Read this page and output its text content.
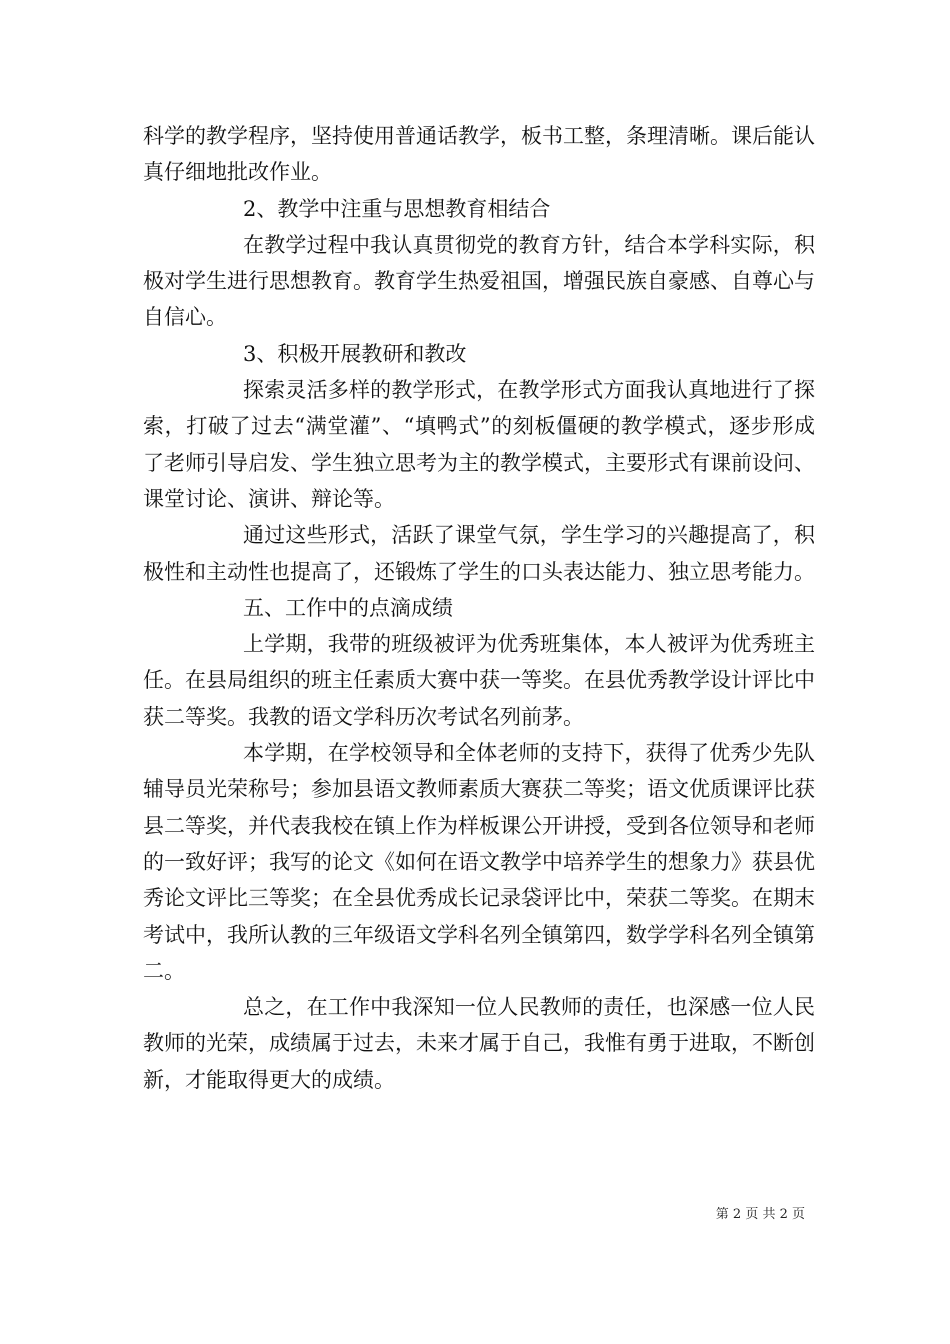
科学的教学程序，坚持使用普通话教学，板书工整，条理清晰。课后能认真仔细地批改作业。

2、教学中注重与思想教育相结合

在教学过程中我认真贯彻党的教育方针，结合本学科实际，积极对学生进行思想教育。教育学生热爱祖国，增强民族自豪感、自尊心与自信心。

3、积极开展教研和教改

探索灵活多样的教学形式，在教学形式方面我认真地进行了探索，打破了过去“满堂灌”、“填鸭式”的刻板僵硬的教学模式，逐步形成了老师引导启发、学生独立思考为主的教学模式，主要形式有课前设问、课堂讨论、演讲、辩论等。

通过这些形式，活跃了课堂气氛，学生学习的兴趣提高了，积极性和主动性也提高了，还锻炼了学生的口头表达能力、独立思考能力。

五、工作中的点滴成绩

上学期，我带的班级被评为优秀班集体，本人被评为优秀班主任。在县局组织的班主任素质大赛中获一等奖。在县优秀教学设计评比中获二等奖。我教的语文学科历次考试名列前茅。

本学期，在学校领导和全体老师的支持下，获得了优秀少先队辅导员光荣称号；参加县语文教师素质大赛获二等奖；语文优质课评比获县二等奖，并代表我校在镇上作为样板课公开讲授，受到各位领导和老师的一致好评；我写的论文《如何在语文教学中培养学生的想象力》获县优秀论文评比三等奖；在全县优秀成长记录袋评比中，荣获二等奖。在期末考试中，我所认教的三年级语文学科名列全镇第四，数学学科名列全镇第二。

总之，在工作中我深知一位人民教师的责任，也深感一位人民教师的光荣，成绩属于过去，未来才属于自己，我惟有勇于进取，不断创新，才能取得更大的成绩。

第 2 页 共 2 页
